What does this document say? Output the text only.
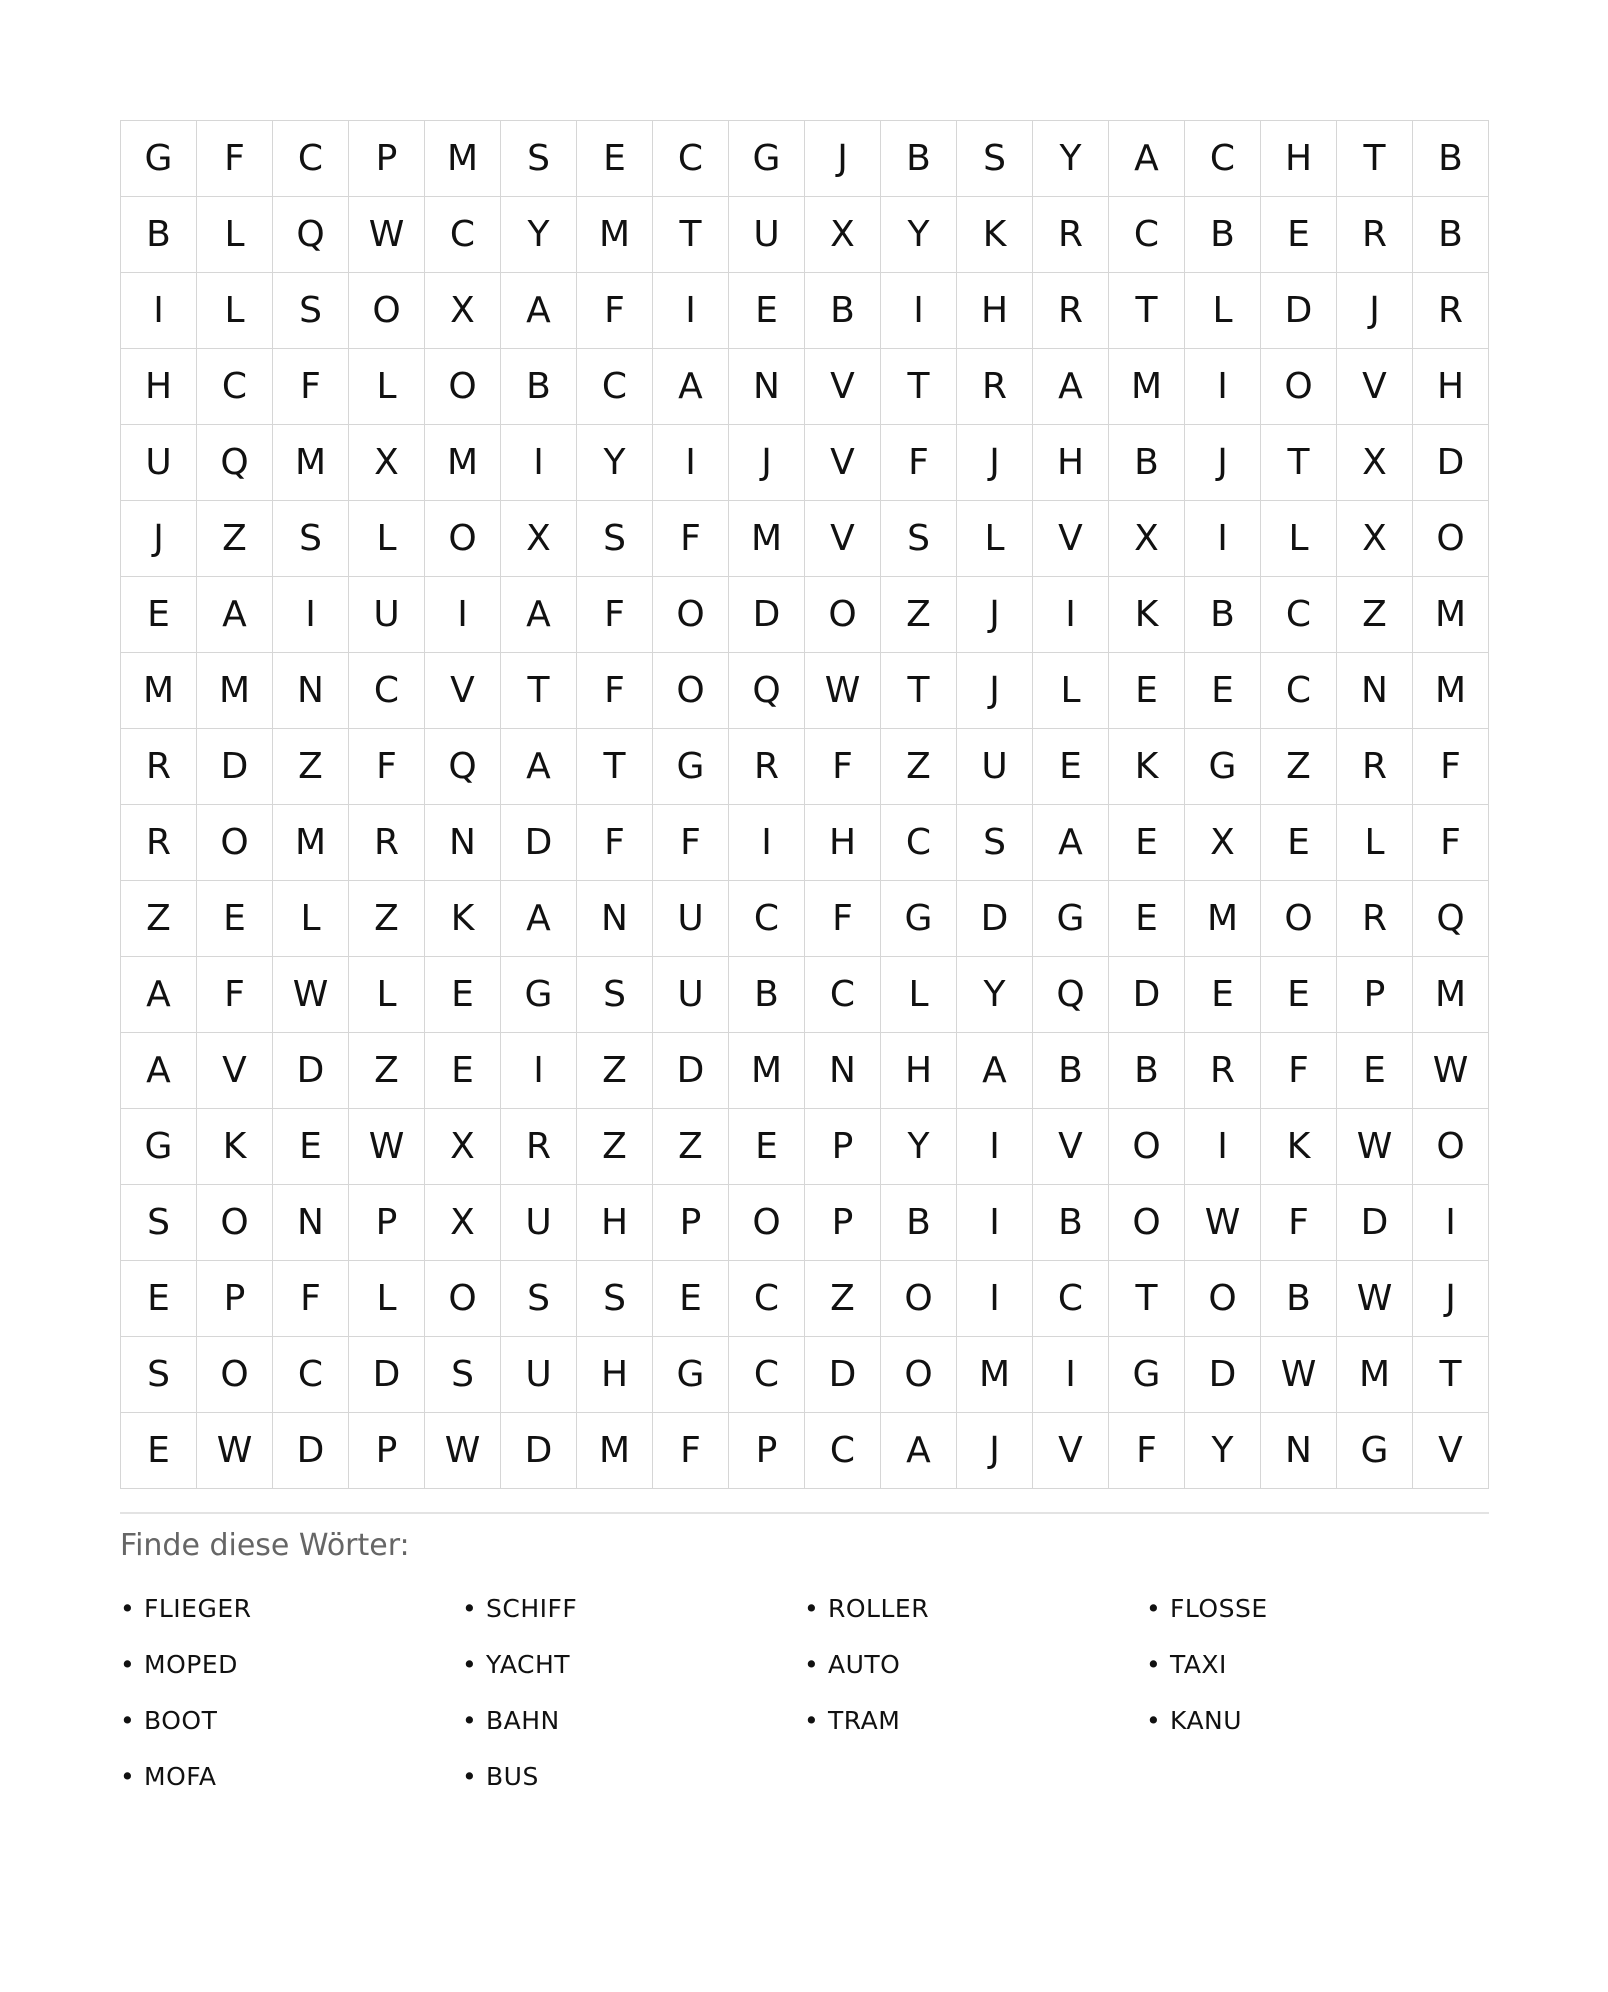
G	F	C	P	M	S	E	C	G	J	B	S	Y	A	C	H	T	B
B	L	Q	W	C	Y	M	T	U	X	Y	K	R	C	B	E	R	B
I	L	S	O	X	A	F	I	E	B	I	H	R	T	L	D	J	R
H	C	F	L	O	B	C	A	N	V	T	R	A	M	I	O	V	H
U	Q	M	X	M	I	Y	I	J	V	F	J	H	B	J	T	X	D
J	Z	S	L	O	X	S	F	M	V	S	L	V	X	I	L	X	O
E	A	I	U	I	A	F	O	D	O	Z	J	I	K	B	C	Z	M
M	M	N	C	V	T	F	O	Q	W	T	J	L	E	E	C	N	M
R	D	Z	F	Q	A	T	G	R	F	Z	U	E	K	G	Z	R	F
R	O	M	R	N	D	F	F	I	H	C	S	A	E	X	E	L	F
Z	E	L	Z	K	A	N	U	C	F	G	D	G	E	M	O	R	Q
A	F	W	L	E	G	S	U	B	C	L	Y	Q	D	E	E	P	M
A	V	D	Z	E	I	Z	D	M	N	H	A	B	B	R	F	E	W
G	K	E	W	X	R	Z	Z	E	P	Y	I	V	O	I	K	W	O
S	O	N	P	X	U	H	P	O	P	B	I	B	O	W	F	D	I
E	P	F	L	O	S	S	E	C	Z	O	I	C	T	O	B	W	J
S	O	C	D	S	U	H	G	C	D	O	M	I	G	D	W	M	T
E	W	D	P	W	D	M	F	P	C	A	J	V	F	Y	N	G	V
Finde diese Wörter:
• FLIEGER	• SCHIFF	• ROLLER	• FLOSSE
• MOPED	• YACHT	• AUTO	• TAXI
• BOOT	• BAHN	• TRAM	• KANU
• MOFA	• BUS
